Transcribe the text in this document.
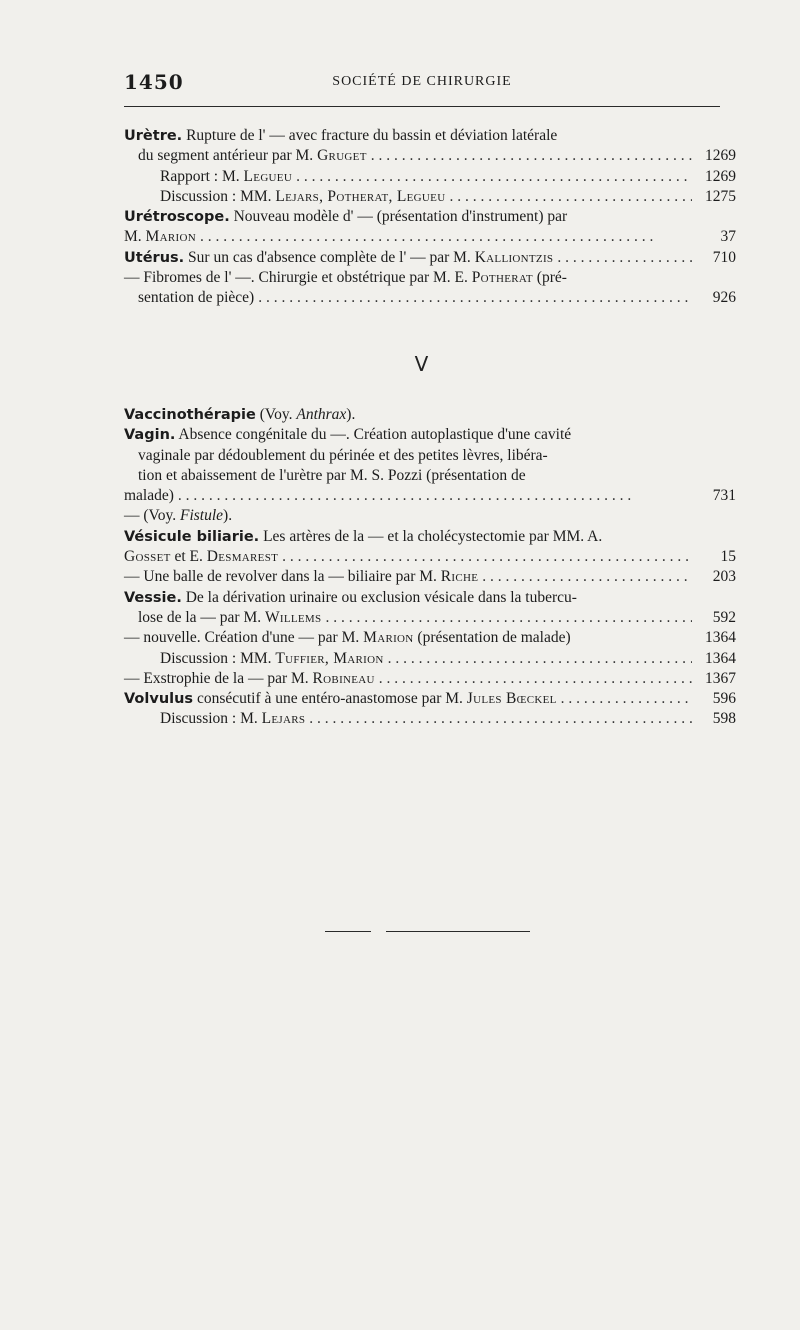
1450	SOCIÉTÉ DE CHIRURGIE
Urètre. Rupture de l' — avec fracture du bassin et déviation latérale
du segment antérieur par M. Gruget . . .	1269
Rapport : M. Legueu . . .	1269
Discussion : MM. Lejars, Potherat, Legueu . . .	1275
Urétroscope. Nouveau modèle d' — (présentation d'instrument) par
M. Marion . . .	37
Utérus. Sur un cas d'absence complète de l' — par M. Kalliontzis . . .	710
— Fibromes de l' —. Chirurgie et obstétrique par M. E. Potherat (pré-
sentation de pièce) . . .	926
V
Vaccinothérapie (Voy. Anthrax).
Vagin. Absence congénitale du —. Création autoplastique d'une cavité
vaginale par dédoublement du périnée et des petites lèvres, libéra-
tion et abaissement de l'urètre par M. S. Pozzi (présentation de
malade) . . .	731
— (Voy. Fistule).
Vésicule biliarie. Les artères de la — et la cholécystectomie par MM. A.
Gosset et E. Desmarest . . .	15
— Une balle de revolver dans la — biliaire par M. Riche . . .	203
Vessie. De la dérivation urinaire ou exclusion vésicale dans la tubercu-
lose de la — par M. Willems . . .	592
— nouvelle. Création d'une — par M. Marion (présentation de malade)	1364
Discussion : MM. Tuffier, Marion . . .	1364
— Exstrophie de la — par M. Robineau . . .	1367
Volvulus consécutif à une entéro-anastomose par M. Jules Bœckel . . .	596
Discussion : M. Lejars . . .	598
